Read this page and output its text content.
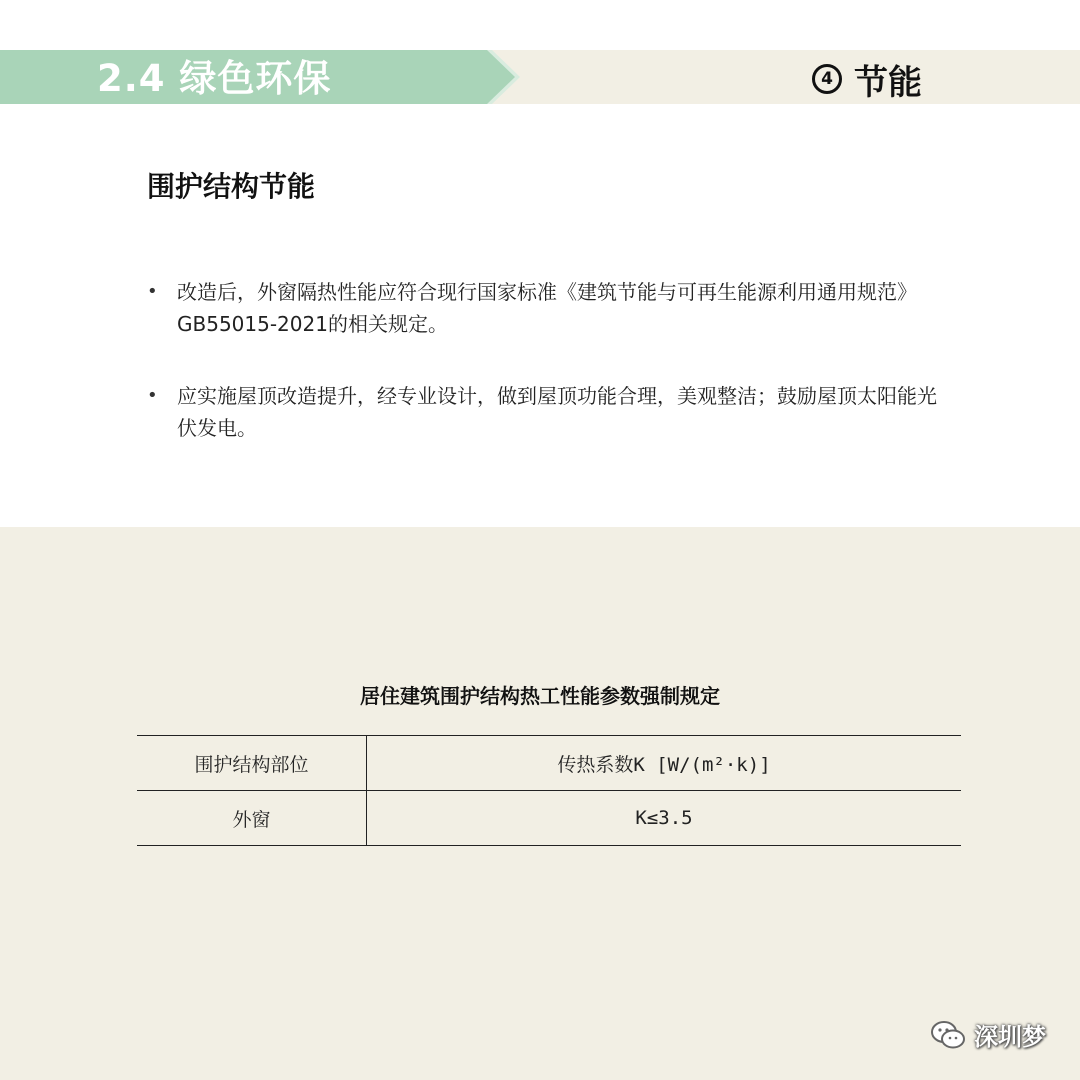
2.4 绿色环保	4 节能
围护结构节能
• 改造后，外窗隔热性能应符合现行国家标准《建筑节能与可再生能源利用通用规范》GB55015-2021的相关规定。
• 应实施屋顶改造提升，经专业设计，做到屋顶功能合理，美观整洁；鼓励屋顶太阳能光伏发电。
居住建筑围护结构热工性能参数强制规定
围护结构部位	传热系数K [W/(m²·k)]
外窗	K≤3.5
深圳梦
